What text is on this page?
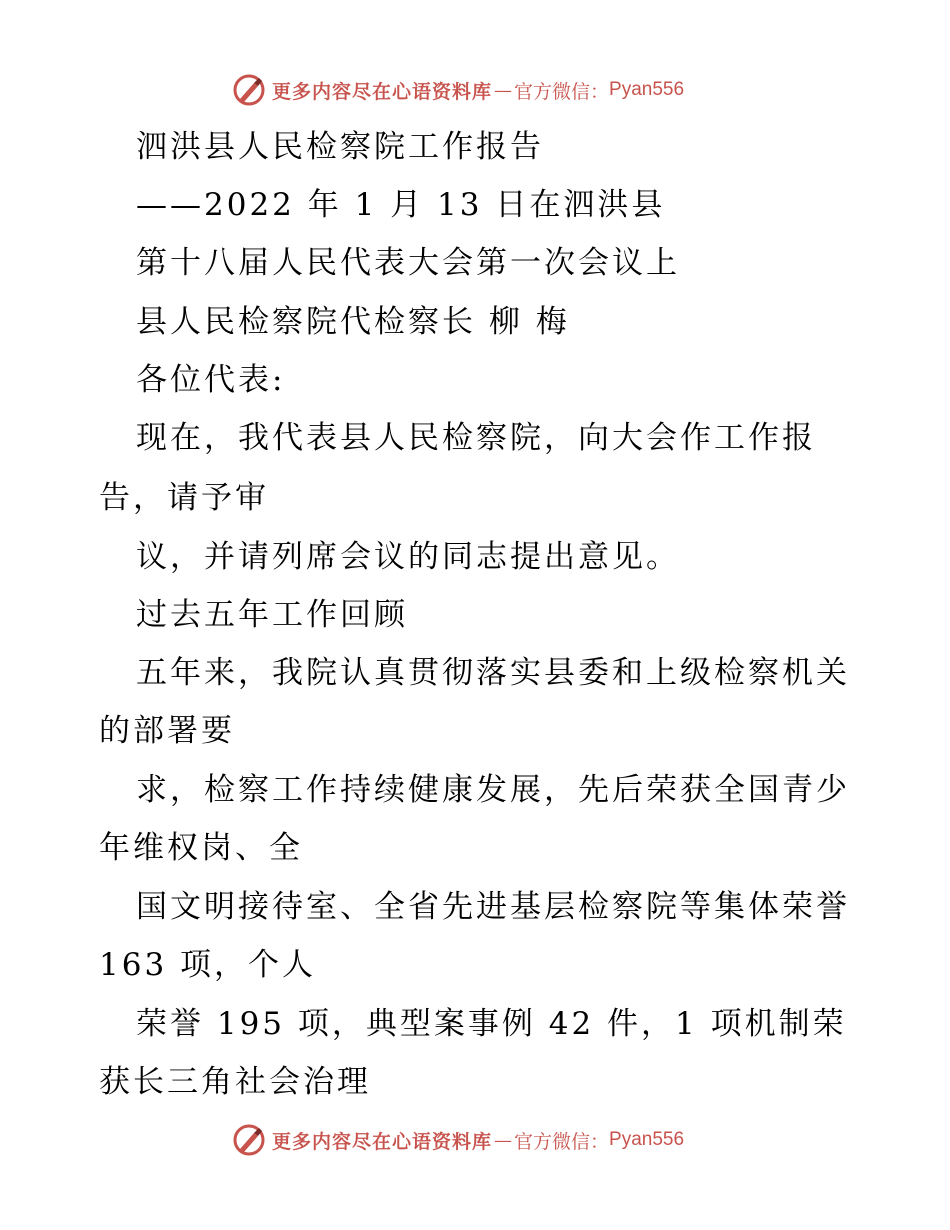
更多内容尽在心语资料库 — 官方微信： Pyan556
泗洪县人民检察院工作报告
——2022 年 1 月 13 日在泗洪县
第十八届人民代表大会第一次会议上
县人民检察院代检察长 柳 梅
各位代表:
现在，我代表县人民检察院，向大会作工作报
告，请予审
议，并请列席会议的同志提出意见。
过去五年工作回顾
五年来，我院认真贯彻落实县委和上级检察机关
的部署要
求，检察工作持续健康发展，先后荣获全国青少
年维权岗、全
国文明接待室、全省先进基层检察院等集体荣誉
163 项，个人
荣誉 195 项，典型案事例 42 件，1 项机制荣
获长三角社会治理
更多内容尽在心语资料库 — 官方微信： Pyan556
